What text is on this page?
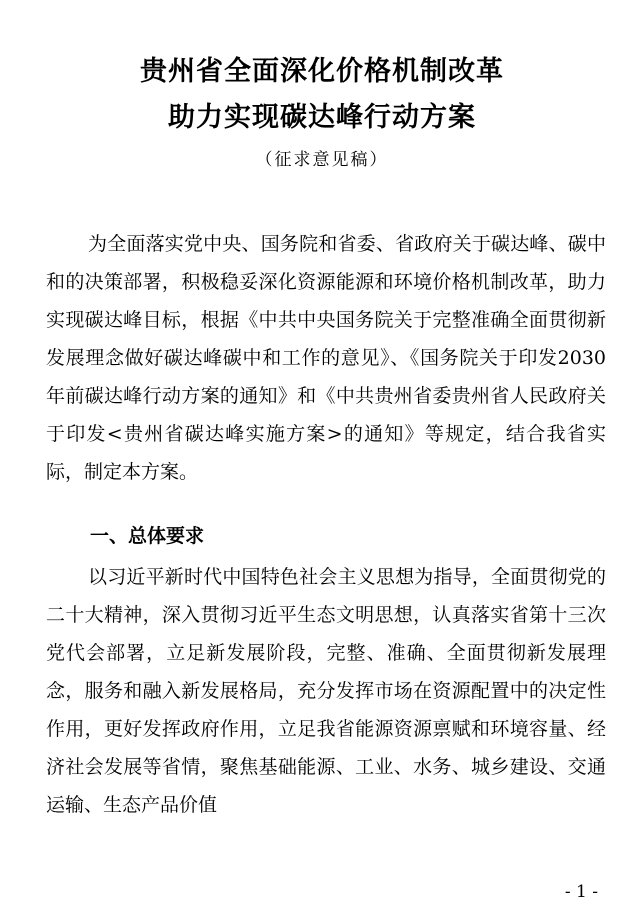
贵州省全面深化价格机制改革
助力实现碳达峰行动方案
（征求意见稿）
为全面落实党中央、国务院和省委、省政府关于碳达峰、碳中和的决策部署，积极稳妥深化资源能源和环境价格机制改革，助力实现碳达峰目标，根据《中共中央国务院关于完整准确全面贯彻新发展理念做好碳达峰碳中和工作的意见》、《国务院关于印发2030年前碳达峰行动方案的通知》和《中共贵州省委贵州省人民政府关于印发<贵州省碳达峰实施方案>的通知》等规定，结合我省实际，制定本方案。
一、总体要求
以习近平新时代中国特色社会主义思想为指导，全面贯彻党的二十大精神，深入贯彻习近平生态文明思想，认真落实省第十三次党代会部署，立足新发展阶段，完整、准确、全面贯彻新发展理念，服务和融入新发展格局，充分发挥市场在资源配置中的决定性作用，更好发挥政府作用，立足我省能源资源禀赋和环境容量、经济社会发展等省情，聚焦基础能源、工业、水务、城乡建设、交通运输、生态产品价值
- 1 -
